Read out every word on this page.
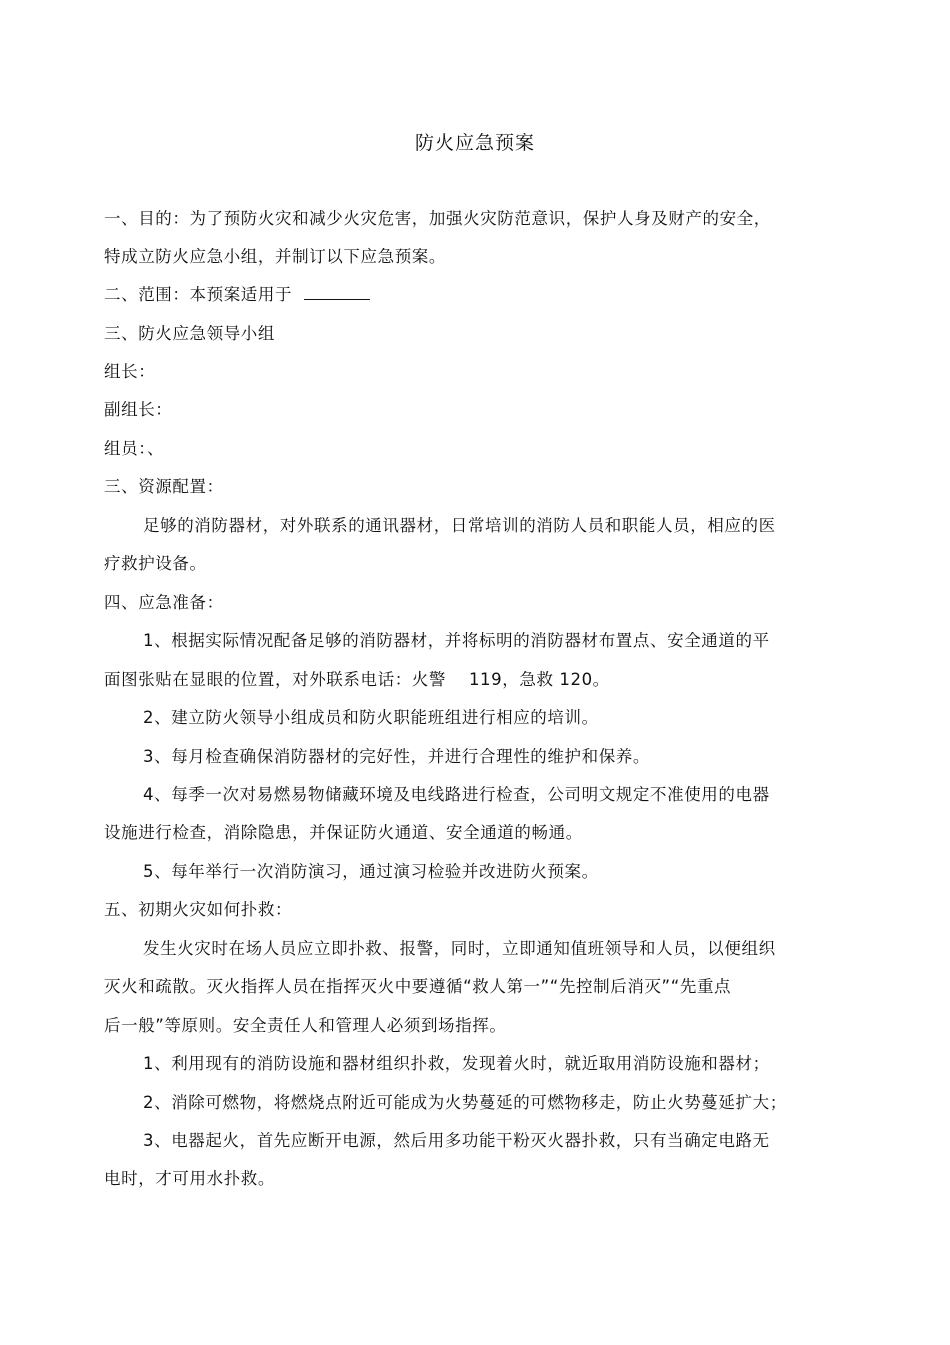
防火应急预案
一、目的：为了预防火灾和减少火灾危害，加强火灾防范意识，保护人身及财产的安全，
特成立防火应急小组，并制订以下应急预案。
二、范围：本预案适用于
三、防火应急领导小组
组长：
副组长：
组员：、
三、资源配置：
足够的消防器材，对外联系的通讯器材，日常培训的消防人员和职能人员，相应的医
疗救护设备。
四、应急准备：
1、根据实际情况配备足够的消防器材，并将标明的消防器材布置点、安全通道的平
面图张贴在显眼的位置，对外联系电话：火警　 119，急救 120。
2、建立防火领导小组成员和防火职能班组进行相应的培训。
3、每月检查确保消防器材的完好性，并进行合理性的维护和保养。
4、每季一次对易燃易物储藏环境及电线路进行检查，公司明文规定不准使用的电器
设施进行检查，消除隐患，并保证防火通道、安全通道的畅通。
5、每年举行一次消防演习，通过演习检验并改进防火预案。
五、初期火灾如何扑救：
发生火灾时在场人员应立即扑救、报警，同时，立即通知值班领导和人员，以便组织
灭火和疏散。灭火指挥人员在指挥灭火中要遵循“救人第一”“先控制后消灭”“先重点
后一般”等原则。安全责任人和管理人必须到场指挥。
1、利用现有的消防设施和器材组织扑救，发现着火时，就近取用消防设施和器材；
2、消除可燃物，将燃烧点附近可能成为火势蔓延的可燃物移走，防止火势蔓延扩大；
3、电器起火，首先应断开电源，然后用多功能干粉灭火器扑救，只有当确定电路无
电时，才可用水扑救。
